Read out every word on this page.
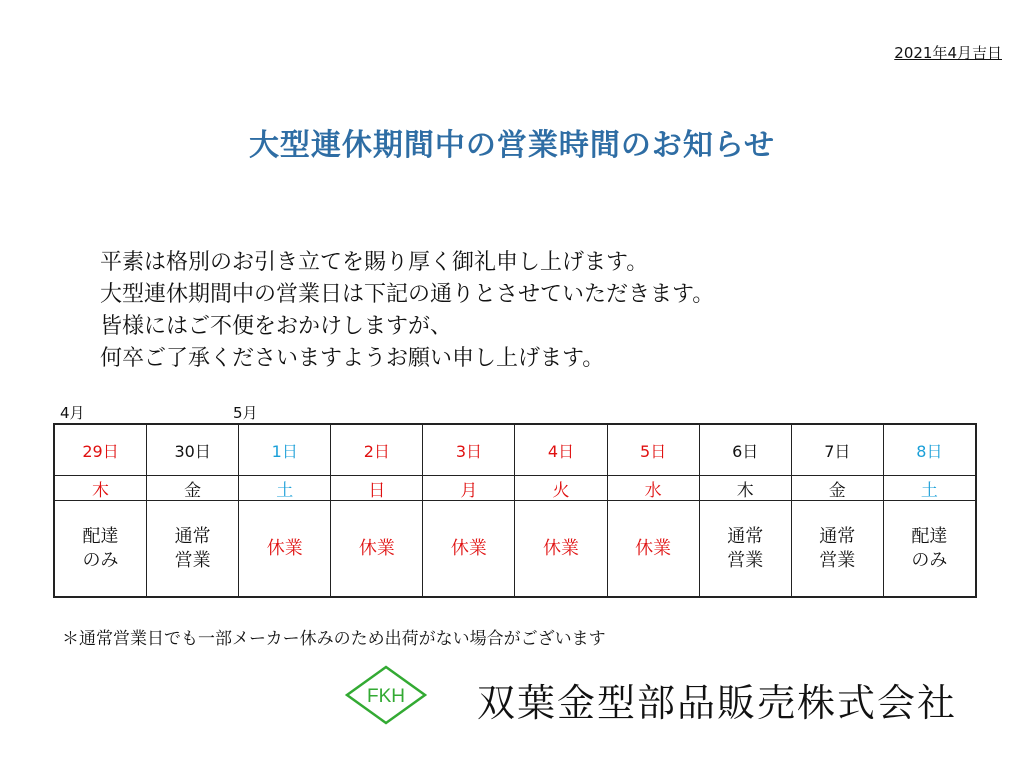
2021年4月吉日
大型連休期間中の営業時間のお知らせ
平素は格別のお引き立てを賜り厚く御礼申し上げます。
大型連休期間中の営業日は下記の通りとさせていただきます。
皆様にはご不便をおかけしますが、
何卒ご了承くださいますようお願い申し上げます。
4月	5月
29日
木
配達
のみ
30日
金
通常
営業
1日
土
休業
2日
日
休業
3日
月
休業
4日
火
休業
5日
水
休業
6日
木
通常
営業
7日
金
通常
営業
8日
土
配達
のみ
＊通常営業日でも一部メーカー休みのため出荷がない場合がございます
FKH 双葉金型部品販売株式会社
